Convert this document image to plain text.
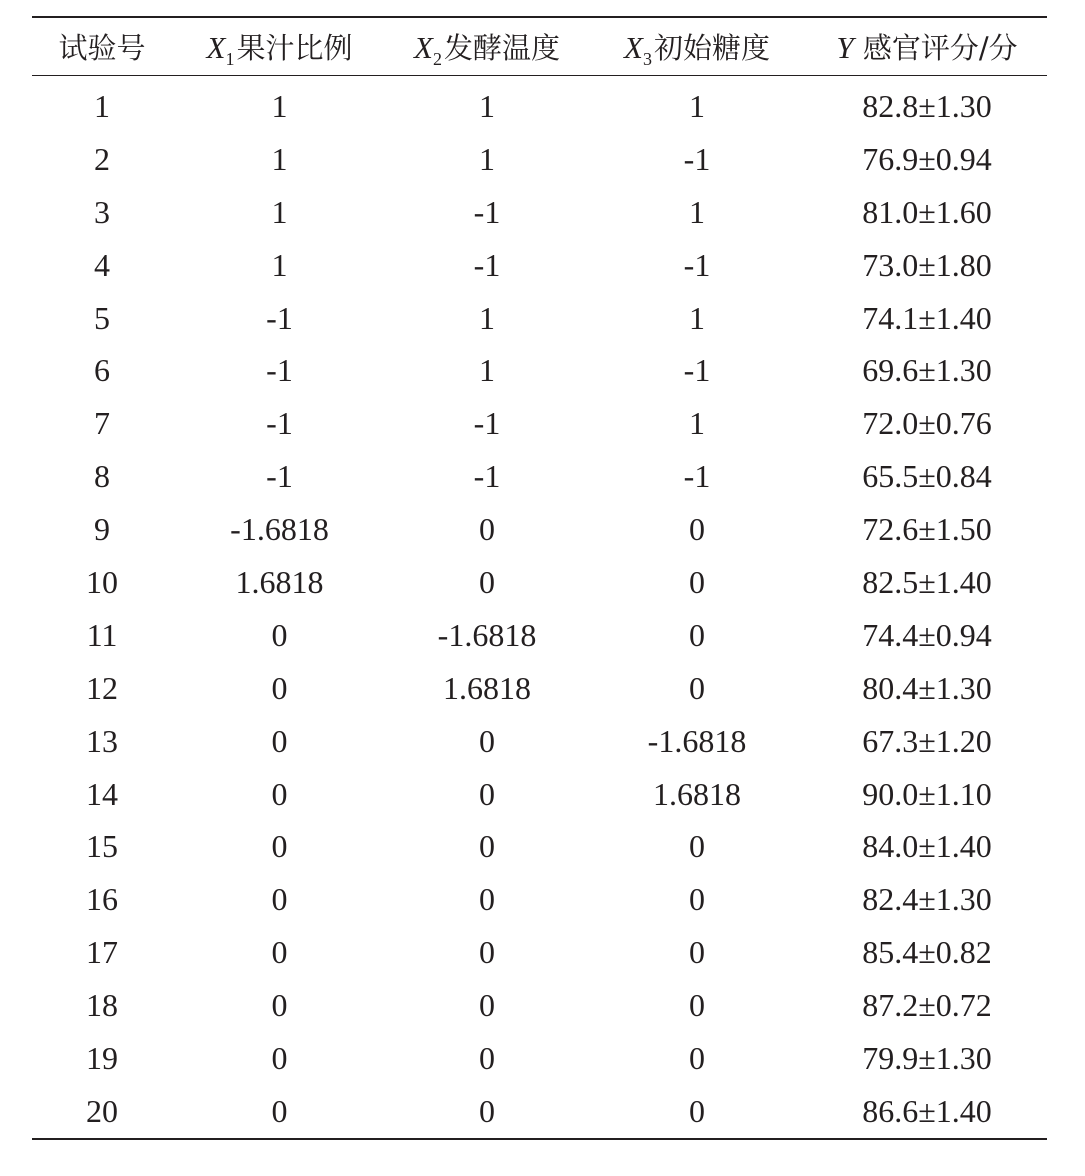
试验号	$X_1$果汁比例	$X_2$发酵温度	$X_3$初始糖度	Y 感官评分/分
1	1	1	1	82.8±1.30
2	1	1	-1	76.9±0.94
3	1	-1	1	81.0±1.60
4	1	-1	-1	73.0±1.80
5	-1	1	1	74.1±1.40
6	-1	1	-1	69.6±1.30
7	-1	-1	1	72.0±0.76
8	-1	-1	-1	65.5±0.84
9	-1.6818	0	0	72.6±1.50
10	1.6818	0	0	82.5±1.40
11	0	-1.6818	0	74.4±0.94
12	0	1.6818	0	80.4±1.30
13	0	0	-1.6818	67.3±1.20
14	0	0	1.6818	90.0±1.10
15	0	0	0	84.0±1.40
16	0	0	0	82.4±1.30
17	0	0	0	85.4±0.82
18	0	0	0	87.2±0.72
19	0	0	0	79.9±1.30
20	0	0	0	86.6±1.40
